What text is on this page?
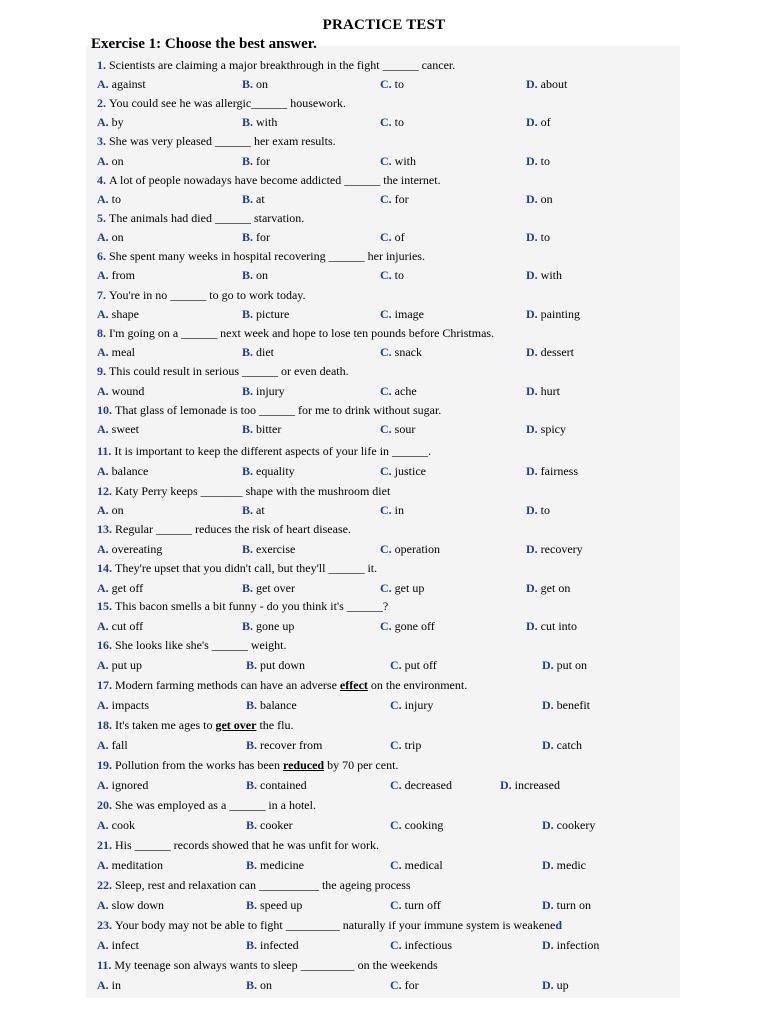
PRACTICE TEST
Exercise 1: Choose the best answer.
1. Scientists are claiming a major breakthrough in the fight ______ cancer.
A. against	B. on	C. to	D. about
2. You could see he was allergic______ housework.
A. by	B. with	C. to	D. of
3. She was very pleased ______ her exam results.
A. on	B. for	C. with	D. to
4. A lot of people nowadays have become addicted ______ the internet.
A. to	B. at	C. for	D. on
5. The animals had died ______ starvation.
A. on	B. for	C. of	D. to
6. She spent many weeks in hospital recovering ______ her injuries.
A. from	B. on	C. to	D. with
7. You're in no ______ to go to work today.
A. shape	B. picture	C. image	D. painting
8. I'm going on a ______ next week and hope to lose ten pounds before Christmas.
A. meal	B. diet	C. snack	D. dessert
9. This could result in serious ______ or even death.
A. wound	B. injury	C. ache	D. hurt
10. That glass of lemonade is too ______ for me to drink without sugar.
A. sweet	B. bitter	C. sour	D. spicy
11. It is important to keep the different aspects of your life in ______.
A. balance	B. equality	C. justice	D. fairness
12. Katy Perry keeps _______ shape with the mushroom diet
A. on	B. at	C. in	D. to
13. Regular ______ reduces the risk of heart disease.
A. overeating	B. exercise	C. operation	D. recovery
14. They're upset that you didn't call, but they'll ______ it.
A. get off	B. get over	C. get up	D. get on
15. This bacon smells a bit funny - do you think it's ______?
A. cut off	B. gone up	C. gone off	D. cut into
16. She looks like she's ______ weight.
A. put up	B. put down	C. put off	D. put on
17. Modern farming methods can have an adverse effect on the environment.
A. impacts	B. balance	C. injury	D. benefit
18. It's taken me ages to get over the flu.
A. fall	B. recover from	C. trip	D. catch
19. Pollution from the works has been reduced by 70 per cent.
A. ignored	B. contained	C. decreased	D. increased
20. She was employed as a ______ in a hotel.
A. cook	B. cooker	C. cooking	D. cookery
21. His ______ records showed that he was unfit for work.
A. meditation	B. medicine	C. medical	D. medic
22. Sleep, rest and relaxation can __________ the ageing process
A. slow down	B. speed up	C. turn off	D. turn on
23. Your body may not be able to fight _________ naturally if your immune system is weakened
A. infect	B. infected	C. infectious	D. infection
11. My teenage son always wants to sleep _________ on the weekends
A. in	B. on	C. for	D. up
